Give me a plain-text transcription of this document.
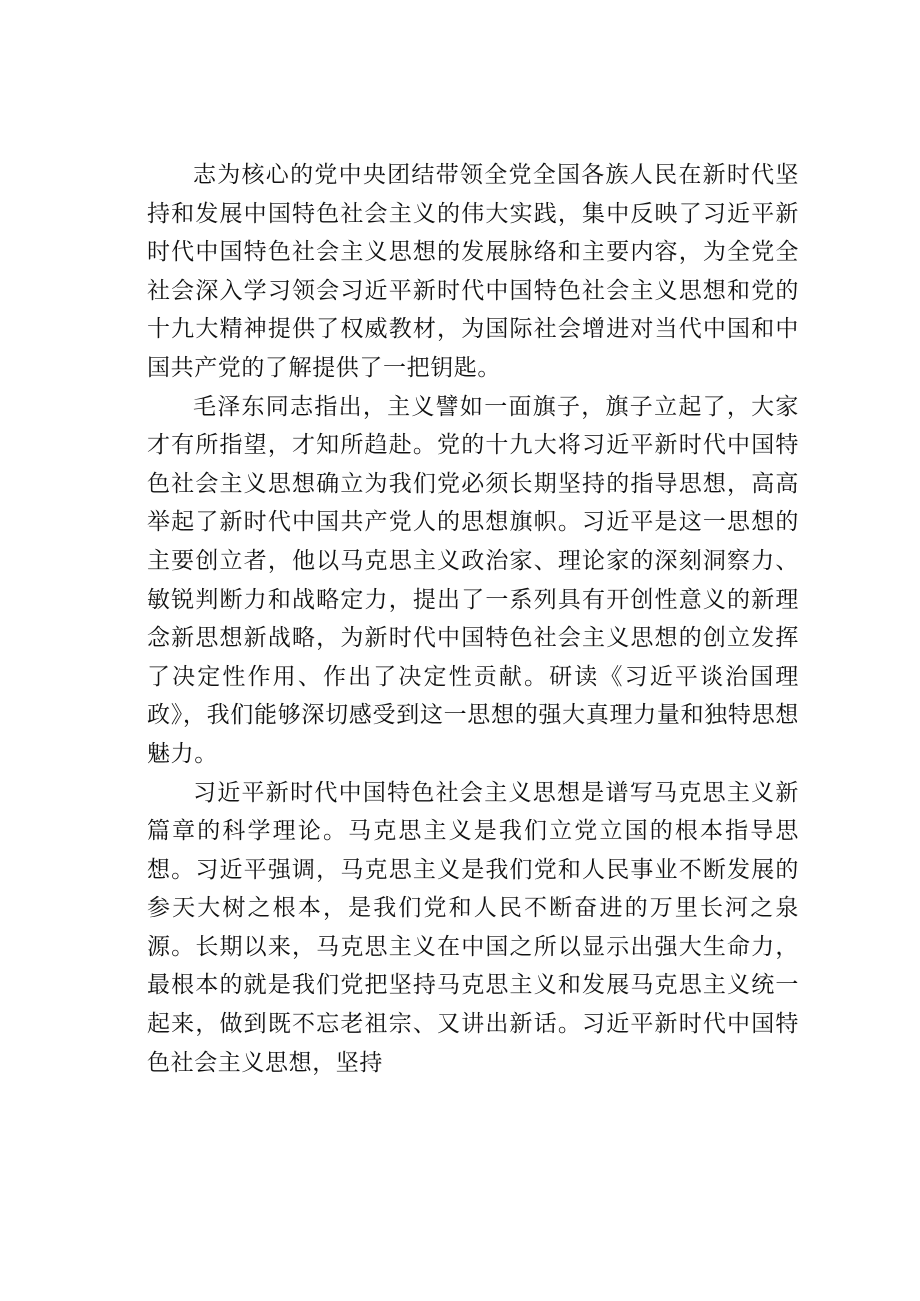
志为核心的党中央团结带领全党全国各族人民在新时代坚持和发展中国特色社会主义的伟大实践，集中反映了习近平新时代中国特色社会主义思想的发展脉络和主要内容，为全党全社会深入学习领会习近平新时代中国特色社会主义思想和党的十九大精神提供了权威教材，为国际社会增进对当代中国和中国共产党的了解提供了一把钥匙。

毛泽东同志指出，主义譬如一面旗子，旗子立起了，大家才有所指望，才知所趋赴。党的十九大将习近平新时代中国特色社会主义思想确立为我们党必须长期坚持的指导思想，高高举起了新时代中国共产党人的思想旗帜。习近平是这一思想的主要创立者，他以马克思主义政治家、理论家的深刻洞察力、敏锐判断力和战略定力，提出了一系列具有开创性意义的新理念新思想新战略，为新时代中国特色社会主义思想的创立发挥了决定性作用、作出了决定性贡献。研读《习近平谈治国理政》，我们能够深切感受到这一思想的强大真理力量和独特思想魅力。

习近平新时代中国特色社会主义思想是谱写马克思主义新篇章的科学理论。马克思主义是我们立党立国的根本指导思想。习近平强调，马克思主义是我们党和人民事业不断发展的参天大树之根本，是我们党和人民不断奋进的万里长河之泉源。长期以来，马克思主义在中国之所以显示出强大生命力，最根本的就是我们党把坚持马克思主义和发展马克思主义统一起来，做到既不忘老祖宗、又讲出新话。习近平新时代中国特色社会主义思想，坚持
